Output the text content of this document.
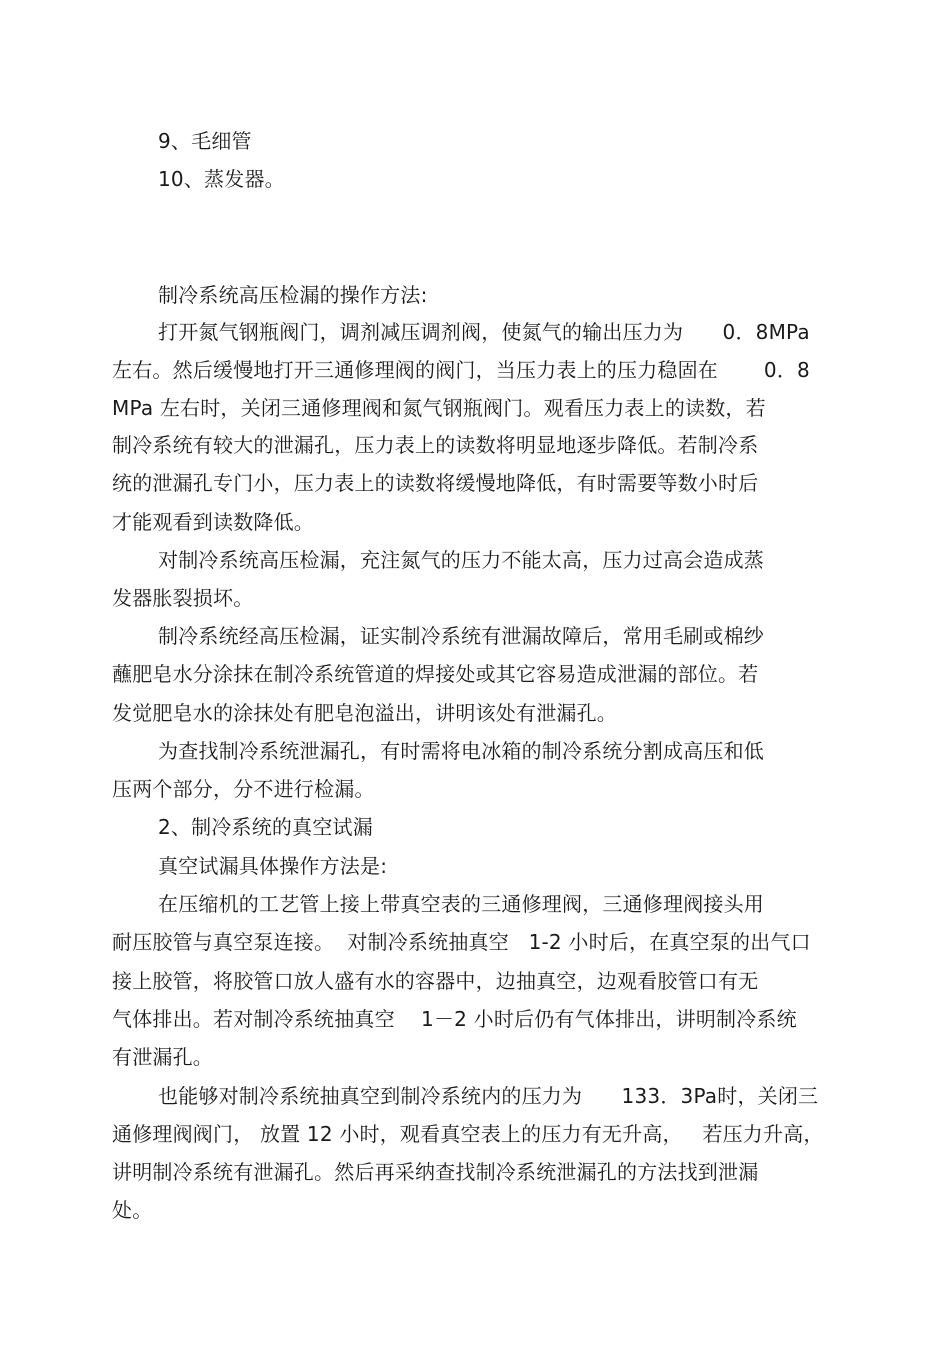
9、毛细管
10、蒸发器。
制冷系统高压检漏的操作方法:
打开氮气钢瓶阀门，调剂减压调剂阀，使氮气的输出压力为      0．8MPa
左右。然后缓慢地打开三通修理阀的阀门，当压力表上的压力稳固在       0．8
MPa 左右时，关闭三通修理阀和氮气钢瓶阀门。观看压力表上的读数，若
制冷系统有较大的泄漏孔，压力表上的读数将明显地逐步降低。若制冷系
统的泄漏孔专门小，压力表上的读数将缓慢地降低，有时需要等数小时后
才能观看到读数降低。
对制冷系统高压检漏，充注氮气的压力不能太高，压力过高会造成蒸
发器胀裂损坏。
制冷系统经高压检漏，证实制冷系统有泄漏故障后，常用毛刷或棉纱
蘸肥皂水分涂抹在制冷系统管道的焊接处或其它容易造成泄漏的部位。若
发觉肥皂水的涂抹处有肥皂泡溢出，讲明该处有泄漏孔。
为查找制冷系统泄漏孔，有时需将电冰箱的制冷系统分割成高压和低
压两个部分，分不进行检漏。
2、制冷系统的真空试漏
真空试漏具体操作方法是:
在压缩机的工艺管上接上带真空表的三通修理阀，三通修理阀接头用
耐压胶管与真空泵连接。  对制冷系统抽真空   1-2 小时后，在真空泵的出气口
接上胶管，将胶管口放人盛有水的容器中，边抽真空，边观看胶管口有无
气体排出。若对制冷系统抽真空    1－2 小时后仍有气体排出，讲明制冷系统
有泄漏孔。
也能够对制冷系统抽真空到制冷系统内的压力为      133．3Pa时，关闭三
通修理阀阀门， 放置 12 小时，观看真空表上的压力有无升高，   若压力升高，
讲明制冷系统有泄漏孔。然后再采纳查找制冷系统泄漏孔的方法找到泄漏
处。
